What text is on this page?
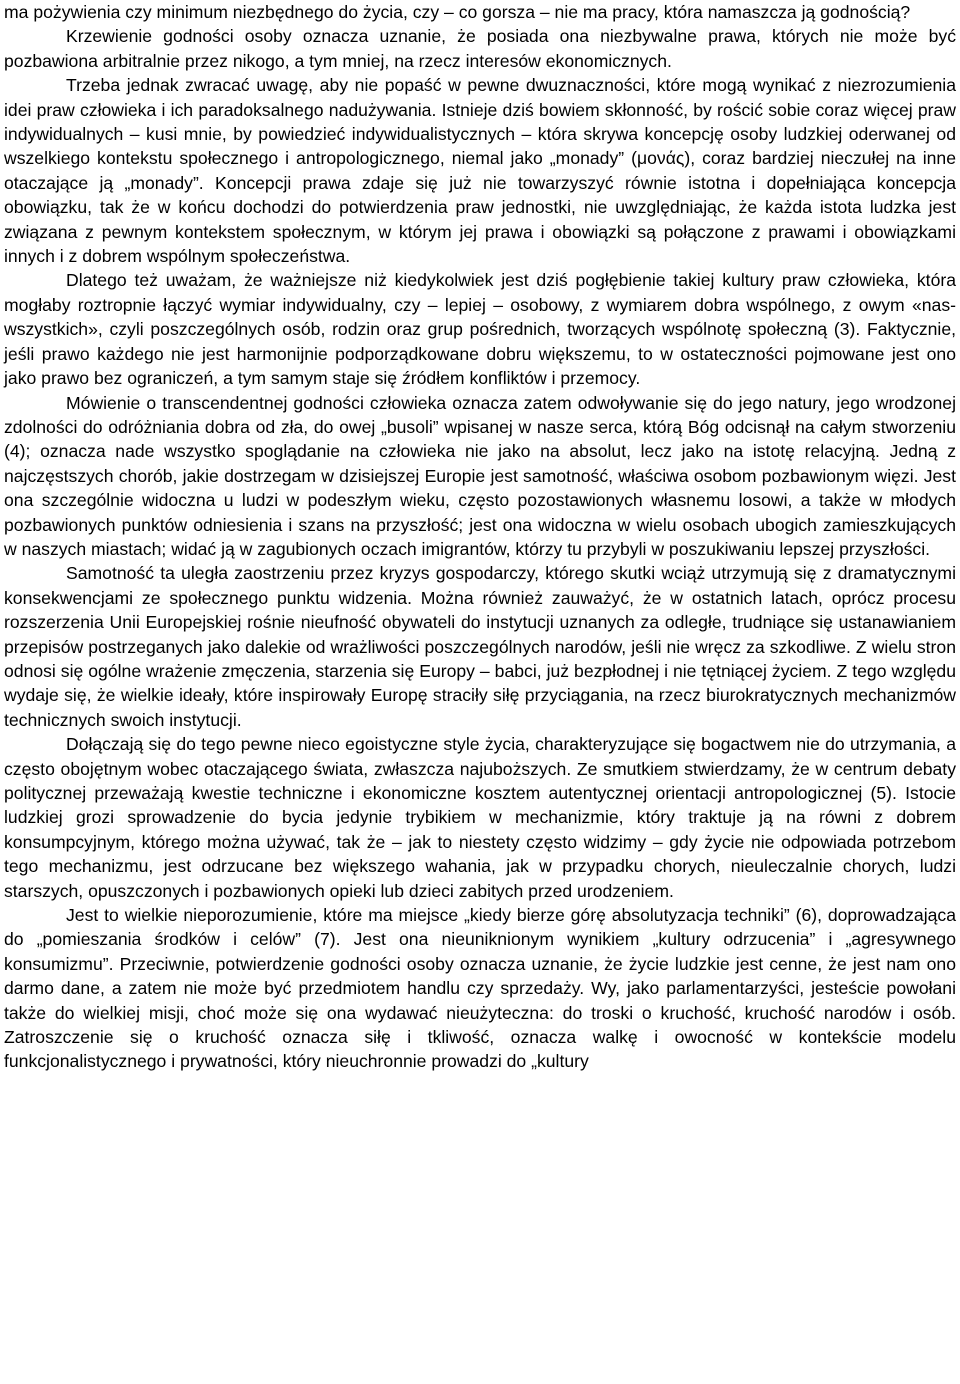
ma pożywienia czy minimum niezbędnego do życia, czy – co gorsza – nie ma pracy, która namaszcza ją godnością?

Krzewienie godności osoby oznacza uznanie, że posiada ona niezbywalne prawa, których nie może być pozbawiona arbitralnie przez nikogo, a tym mniej, na rzecz interesów ekonomicznych.

Trzeba jednak zwracać uwagę, aby nie popaść w pewne dwuznaczności, które mogą wynikać z niezrozumienia idei praw człowieka i ich paradoksalnego nadużywania. Istnieje dziś bowiem skłonność, by rościć sobie coraz więcej praw indywidualnych – kusi mnie, by powiedzieć indywidualistycznych – która skrywa koncepcję osoby ludzkiej oderwanej od wszelkiego kontekstu społecznego i antropologicznego, niemal jako „monady” (μονάς), coraz bardziej nieczułej na inne otaczające ją „monady”. Koncepcji prawa zdaje się już nie towarzyszyć równie istotna i dopełniająca koncepcja obowiązku, tak że w końcu dochodzi do potwierdzenia praw jednostki, nie uwzględniając, że każda istota ludzka jest związana z pewnym kontekstem społecznym, w którym jej prawa i obowiązki są połączone z prawami i obowiązkami innych i z dobrem wspólnym społeczeństwa.

Dlatego też uważam, że ważniejsze niż kiedykolwiek jest dziś pogłębienie takiej kultury praw człowieka, która mogłaby roztropnie łączyć wymiar indywidualny, czy – lepiej – osobowy, z wymiarem dobra wspólnego, z owym «nas-wszystkich», czyli poszczególnych osób, rodzin oraz grup pośrednich, tworzących wspólnotę społeczną (3). Faktycznie, jeśli prawo każdego nie jest harmonijnie podporządkowane dobru większemu, to w ostateczności pojmowane jest ono jako prawo bez ograniczeń, a tym samym staje się źródłem konfliktów i przemocy.

Mówienie o transcendentnej godności człowieka oznacza zatem odwoływanie się do jego natury, jego wrodzonej zdolności do odróżniania dobra od zła, do owej „busoli” wpisanej w nasze serca, którą Bóg odcisnął na całym stworzeniu (4); oznacza nade wszystko spoglądanie na człowieka nie jako na absolut, lecz jako na istotę relacyjną. Jedną z najczęstszych chorób, jakie dostrzegam w dzisiejszej Europie jest samotność, właściwa osobom pozbawionym więzi. Jest ona szczególnie widoczna u ludzi w podeszłym wieku, często pozostawionych własnemu losowi, a także w młodych pozbawionych punktów odniesienia i szans na przyszłość; jest ona widoczna w wielu osobach ubogich zamieszkujących w naszych miastach; widać ją w zagubionych oczach imigrantów, którzy tu przybyli w poszukiwaniu lepszej przyszłości.

Samotność ta uległa zaostrzeniu przez kryzys gospodarczy, którego skutki wciąż utrzymują się z dramatycznymi konsekwencjami ze społecznego punktu widzenia. Można również zauważyć, że w ostatnich latach, oprócz procesu rozszerzenia Unii Europejskiej rośnie nieufność obywateli do instytucji uznanych za odległe, trudniące się ustanawianiem przepisów postrzeganych jako dalekie od wrażliwości poszczególnych narodów, jeśli nie wręcz za szkodliwe. Z wielu stron odnosi się ogólne wrażenie zmęczenia, starzenia się Europy – babci, już bezpłodnej i nie tętniącej życiem. Z tego względu wydaje się, że wielkie ideały, które inspirowały Europę straciły siłę przyciągania, na rzecz biurokratycznych mechanizmów technicznych swoich instytucji.

Dołączają się do tego pewne nieco egoistyczne style życia, charakteryzujące się bogactwem nie do utrzymania, a często obojętnym wobec otaczającego świata, zwłaszcza najuboższych. Ze smutkiem stwierdzamy, że w centrum debaty politycznej przeważają kwestie techniczne i ekonomiczne kosztem autentycznej orientacji antropologicznej (5). Istocie ludzkiej grozi sprowadzenie do bycia jedynie trybikiem w mechanizmie, który traktuje ją na równi z dobrem konsumpcyjnym, którego można używać, tak że – jak to niestety często widzimy – gdy życie nie odpowiada potrzebom tego mechanizmu, jest odrzucane bez większego wahania, jak w przypadku chorych, nieuleczalnie chorych, ludzi starszych, opuszczonych i pozbawionych opieki lub dzieci zabitych przed urodzeniem.

Jest to wielkie nieporozumienie, które ma miejsce „kiedy bierze górę absolutyzacja techniki” (6), doprowadzająca do „pomieszania środków i celów” (7). Jest ona nieuniknionym wynikiem „kultury odrzucenia” i „agresywnego konsumizmu”. Przeciwnie, potwierdzenie godności osoby oznacza uznanie, że życie ludzkie jest cenne, że jest nam ono darmo dane, a zatem nie może być przedmiotem handlu czy sprzedaży. Wy, jako parlamentarzyści, jesteście powołani także do wielkiej misji, choć może się ona wydawać nieużyteczna: do troski o kruchość, kruchość narodów i osób. Zatroszczenie się o kruchość oznacza siłę i tkliwość, oznacza walkę i owocność w kontekście modelu funkcjonalistycznego i prywatności, który nieuchronnie prowadzi do „kultury
